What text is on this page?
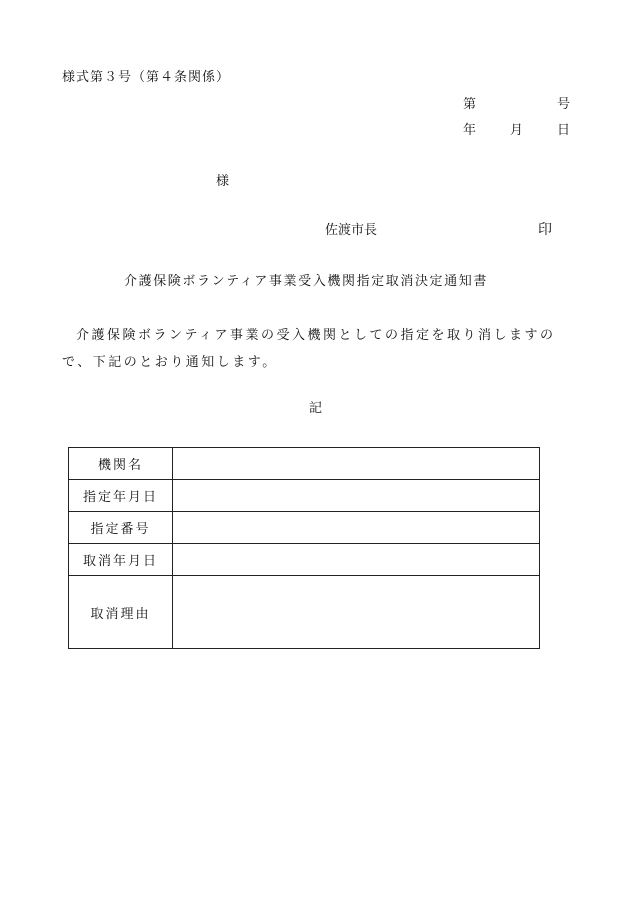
様式第３号（第４条関係）
第	号
年	月	日
様
佐渡市長	印
介護保険ボランティア事業受入機関指定取消決定通知書
介護保険ボランティア事業の受入機関としての指定を取り消しますので、下記のとおり通知します。
記
機関名	
指定年月日	
指定番号	
取消年月日	
取消理由	
